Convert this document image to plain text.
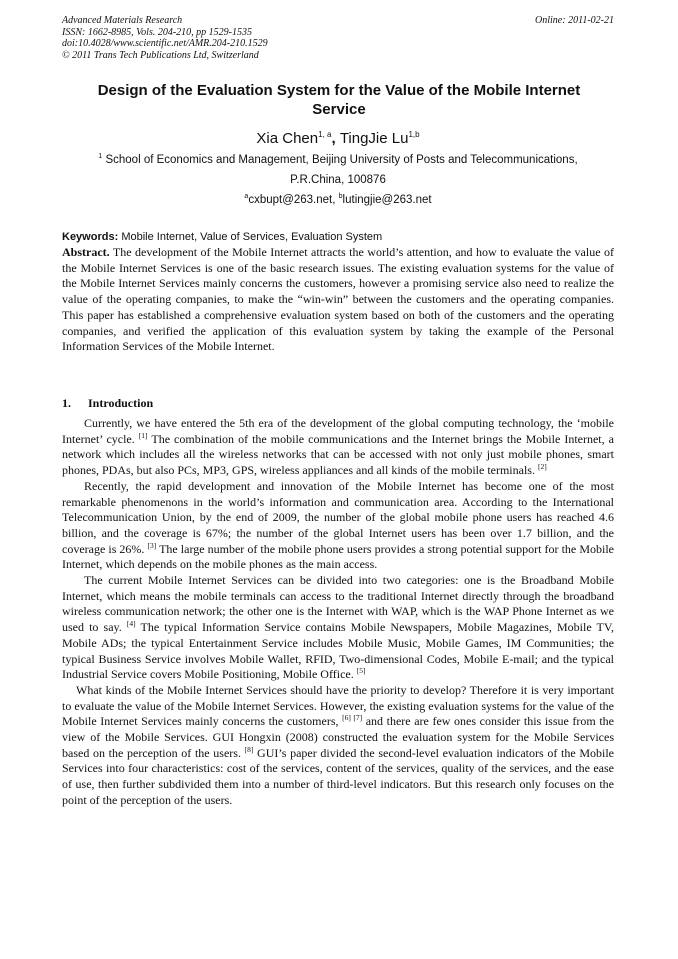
Advanced Materials Research
ISSN: 1662-8985, Vols. 204-210, pp 1529-1535
doi:10.4028/www.scientific.net/AMR.204-210.1529
© 2011 Trans Tech Publications Ltd, Switzerland
Online: 2011-02-21
Design of the Evaluation System for the Value of the Mobile Internet Service
Xia Chen$^{1, a}$, TingJie Lu$^{1,b}$
$^1$ School of Economics and Management, Beijing University of Posts and Telecommunications,
P.R.China, 100876
$^a$cxbupt@263.net, $^b$lutingjie@263.net
Keywords: Mobile Internet, Value of Services, Evaluation System

Abstract. The development of the Mobile Internet attracts the world’s attention, and how to evaluate the value of the Mobile Internet Services is one of the basic research issues. The existing evaluation systems for the value of the Mobile Internet Services mainly concerns the customers, however a promising service also need to realize the value of the operating companies, to make the “win-win” between the customers and the operating companies. This paper has established a comprehensive evaluation system based on both of the customers and the operating companies, and verified the application of this evaluation system by taking the example of the Personal Information Services of the Mobile Internet.

1. Introduction

Currently, we have entered the 5th era of the development of the global computing technology, the ‘mobile Internet’ cycle. [1] The combination of the mobile communications and the Internet brings the Mobile Internet, a network which includes all the wireless networks that can be accessed with not only just mobile phones, smart phones, PDAs, but also PCs, MP3, GPS, wireless appliances and all kinds of the mobile terminals. [2]

Recently, the rapid development and innovation of the Mobile Internet has become one of the most remarkable phenomenons in the world’s information and communication area. According to the International Telecommunication Union, by the end of 2009, the number of the global mobile phone users has reached 4.6 billion, and the coverage is 67%; the number of the global Internet users has been over 1.7 billion, and the coverage is 26%. [3] The large number of the mobile phone users provides a strong potential support for the Mobile Internet, which depends on the mobile phones as the main access.

The current Mobile Internet Services can be divided into two categories: one is the Broadband Mobile Internet, which means the mobile terminals can access to the traditional Internet directly through the broadband wireless communication network; the other one is the Internet with WAP, which is the WAP Phone Internet as we used to say. [4] The typical Information Service contains Mobile Newspapers, Mobile Magazines, Mobile TV, Mobile ADs; the typical Entertainment Service includes Mobile Music, Mobile Games, IM Communities; the typical Business Service involves Mobile Wallet, RFID, Two-dimensional Codes, Mobile E-mail; and the typical Industrial Service covers Mobile Positioning, Mobile Office. [5]

What kinds of the Mobile Internet Services should have the priority to develop? Therefore it is very important to evaluate the value of the Mobile Internet Services. However, the existing evaluation systems for the value of the Mobile Internet Services mainly concerns the customers, [6] [7] and there are few ones consider this issue from the view of the Mobile Services. GUI Hongxin (2008) constructed the evaluation system for the Mobile Services based on the perception of the users. [8] GUI’s paper divided the second-level evaluation indicators of the Mobile Services into four characteristics: cost of the services, content of the services, quality of the services, and the ease of use, then further subdivided them into a number of third-level indicators. But this research only focuses on the point of the perception of the users.
